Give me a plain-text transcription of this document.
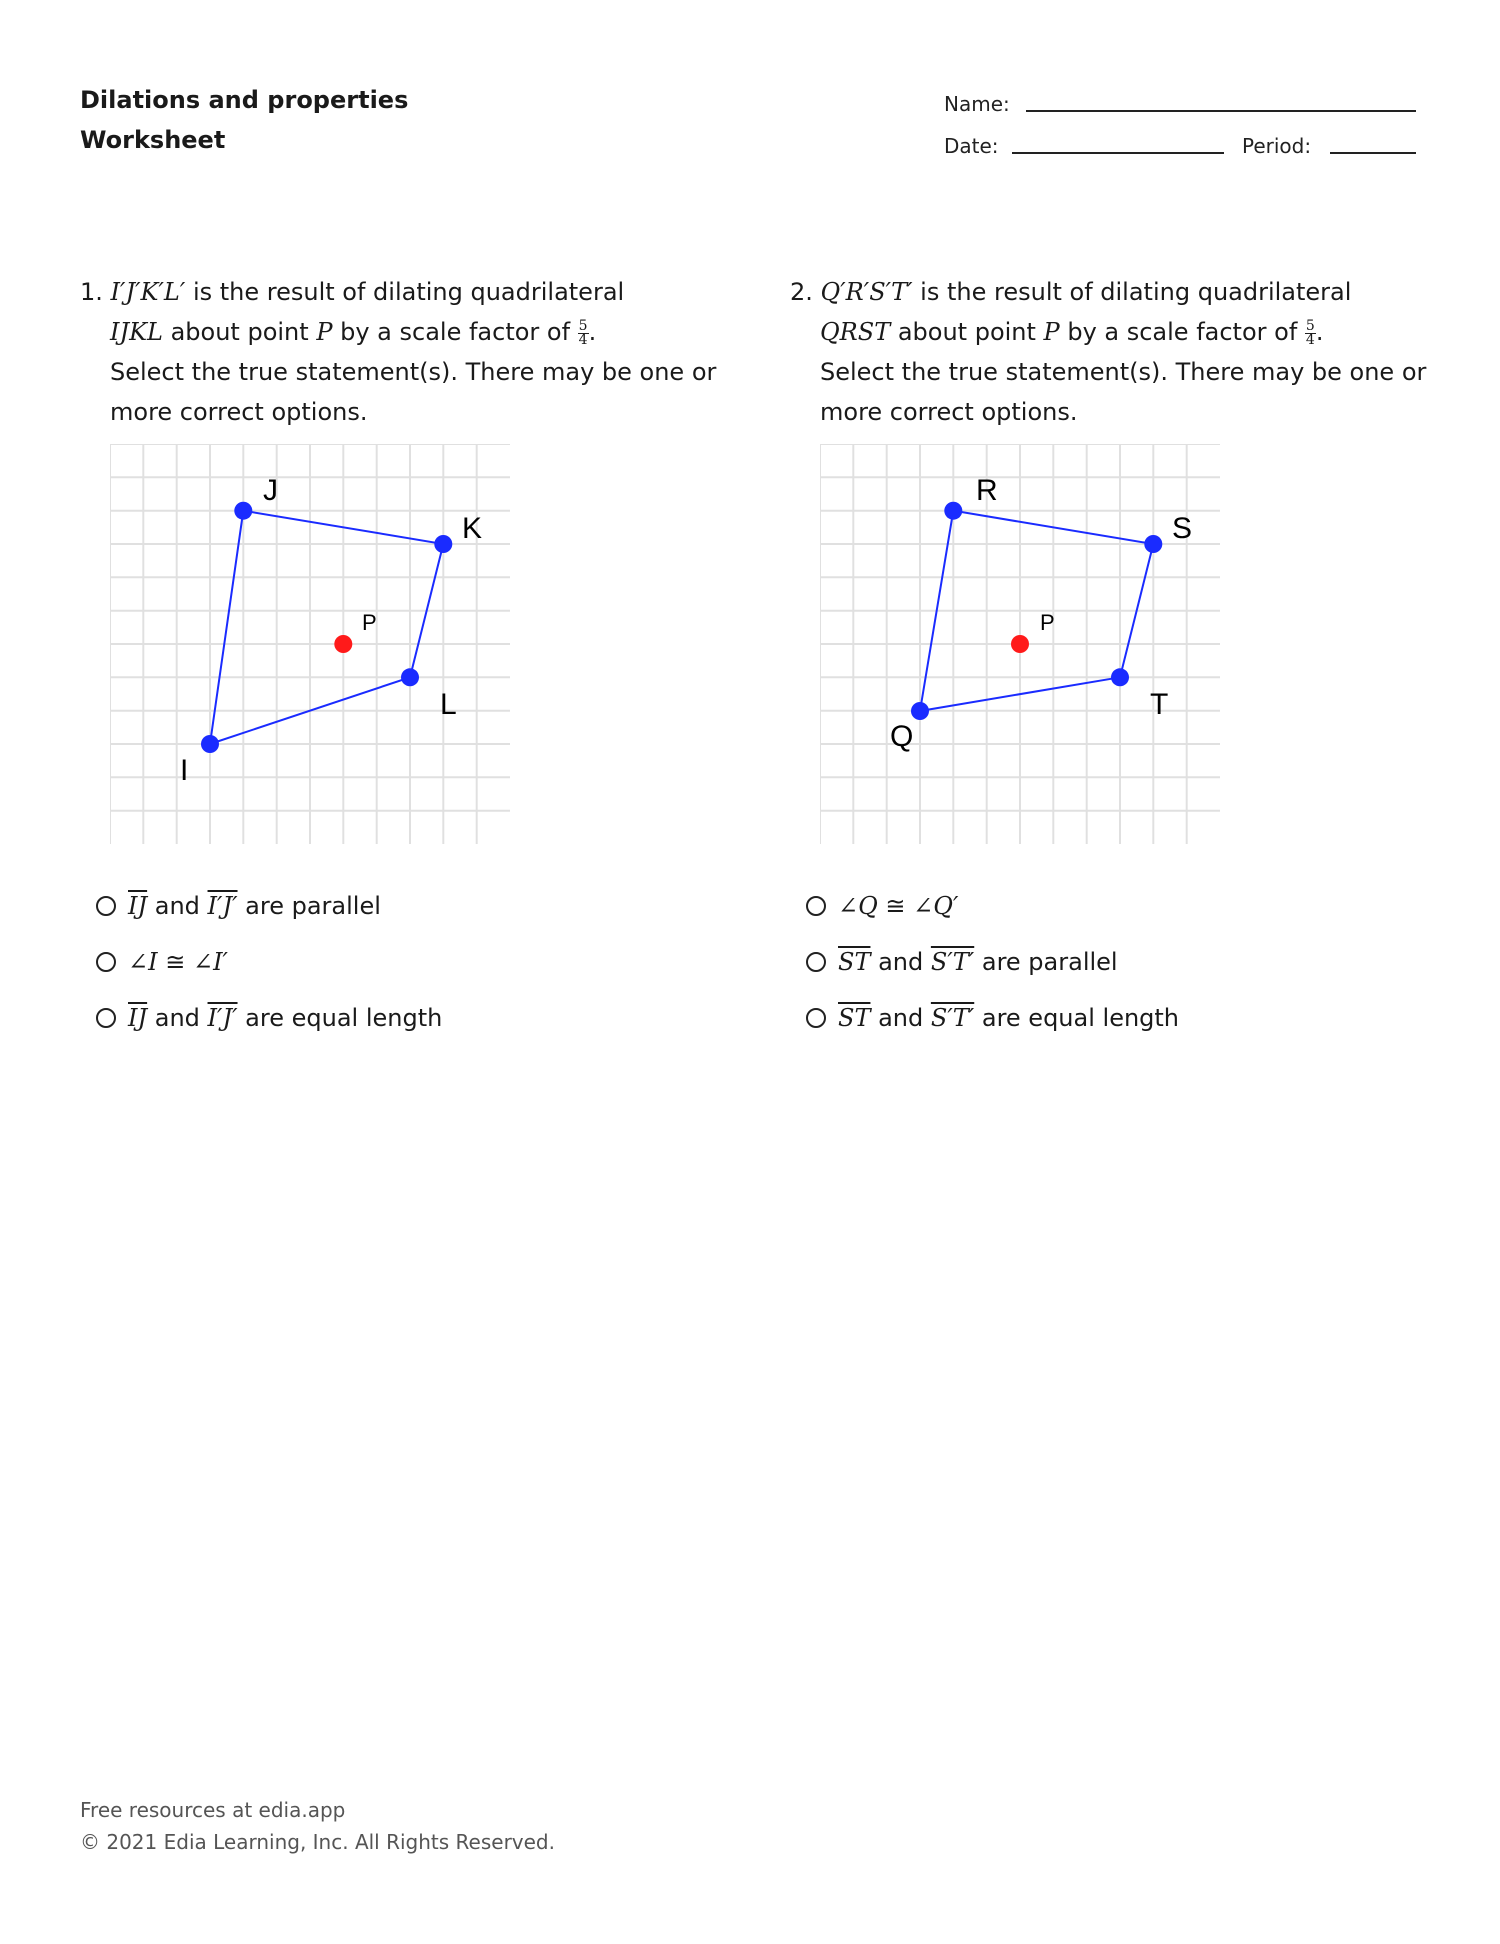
Dilations and properties
Worksheet
Name:
Date:	Period:
1. I′J′K′L′ is the result of dilating quadrilateral
IJKL about point P by a scale factor of $\frac{5}{4}$ .
Select the true statement(s). There may be one or
more correct options.
I
J
K
L
P
$\overline{IJ}$ and I′J′ are parallel
∠I ≅ ∠I′
$\overline{IJ}$ and I′J′ are equal length
2. Q′R′S′T′ is the result of dilating quadrilateral
QRST about point P by a scale factor of $\frac{5}{4}$ .
Select the true statement(s). There may be one or
more correct options.
Q
R
S
T
P
∠Q ≅ ∠Q′
$\overline{ST}$ and S′T′ are parallel
$\overline{ST}$ and S′T′ are equal length
Free resources at edia.app
© 2021 Edia Learning, Inc. All Rights Reserved.
